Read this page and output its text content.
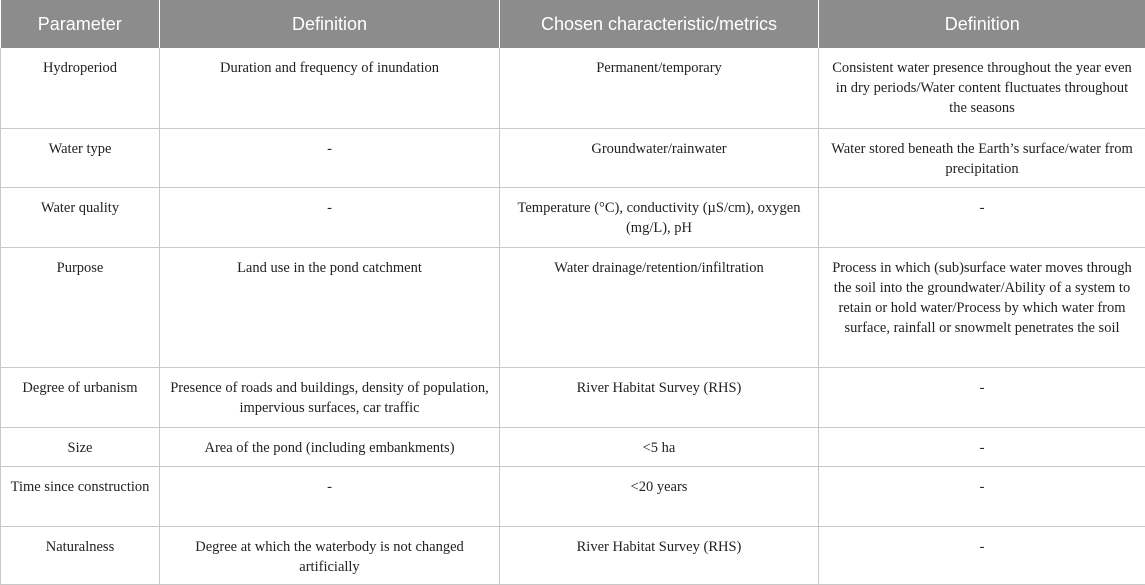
Parameter	Definition	Chosen characteristic/metrics	Definition
Hydroperiod	Duration and frequency of inundation	Permanent/temporary	Consistent water presence throughout the year even in dry periods/Water content fluctuates throughout the seasons
Water type	-	Groundwater/rainwater	Water stored beneath the Earth’s surface/water from precipitation
Water quality	-	Temperature (°C), conductivity (µS/cm), oxygen (mg/L), pH	-
Purpose	Land use in the pond catchment	Water drainage/retention/infiltration	Process in which (sub)surface water moves through the soil into the groundwater/Ability of a system to retain or hold water/Process by which water from surface, rainfall or snowmelt penetrates the soil
Degree of urbanism	Presence of roads and buildings, density of population, impervious surfaces, car traffic	River Habitat Survey (RHS)	-
Size	Area of the pond (including embankments)	<5 ha	-
Time since construction	-	<20 years	-
Naturalness	Degree at which the waterbody is not changed artificially	River Habitat Survey (RHS)	-
